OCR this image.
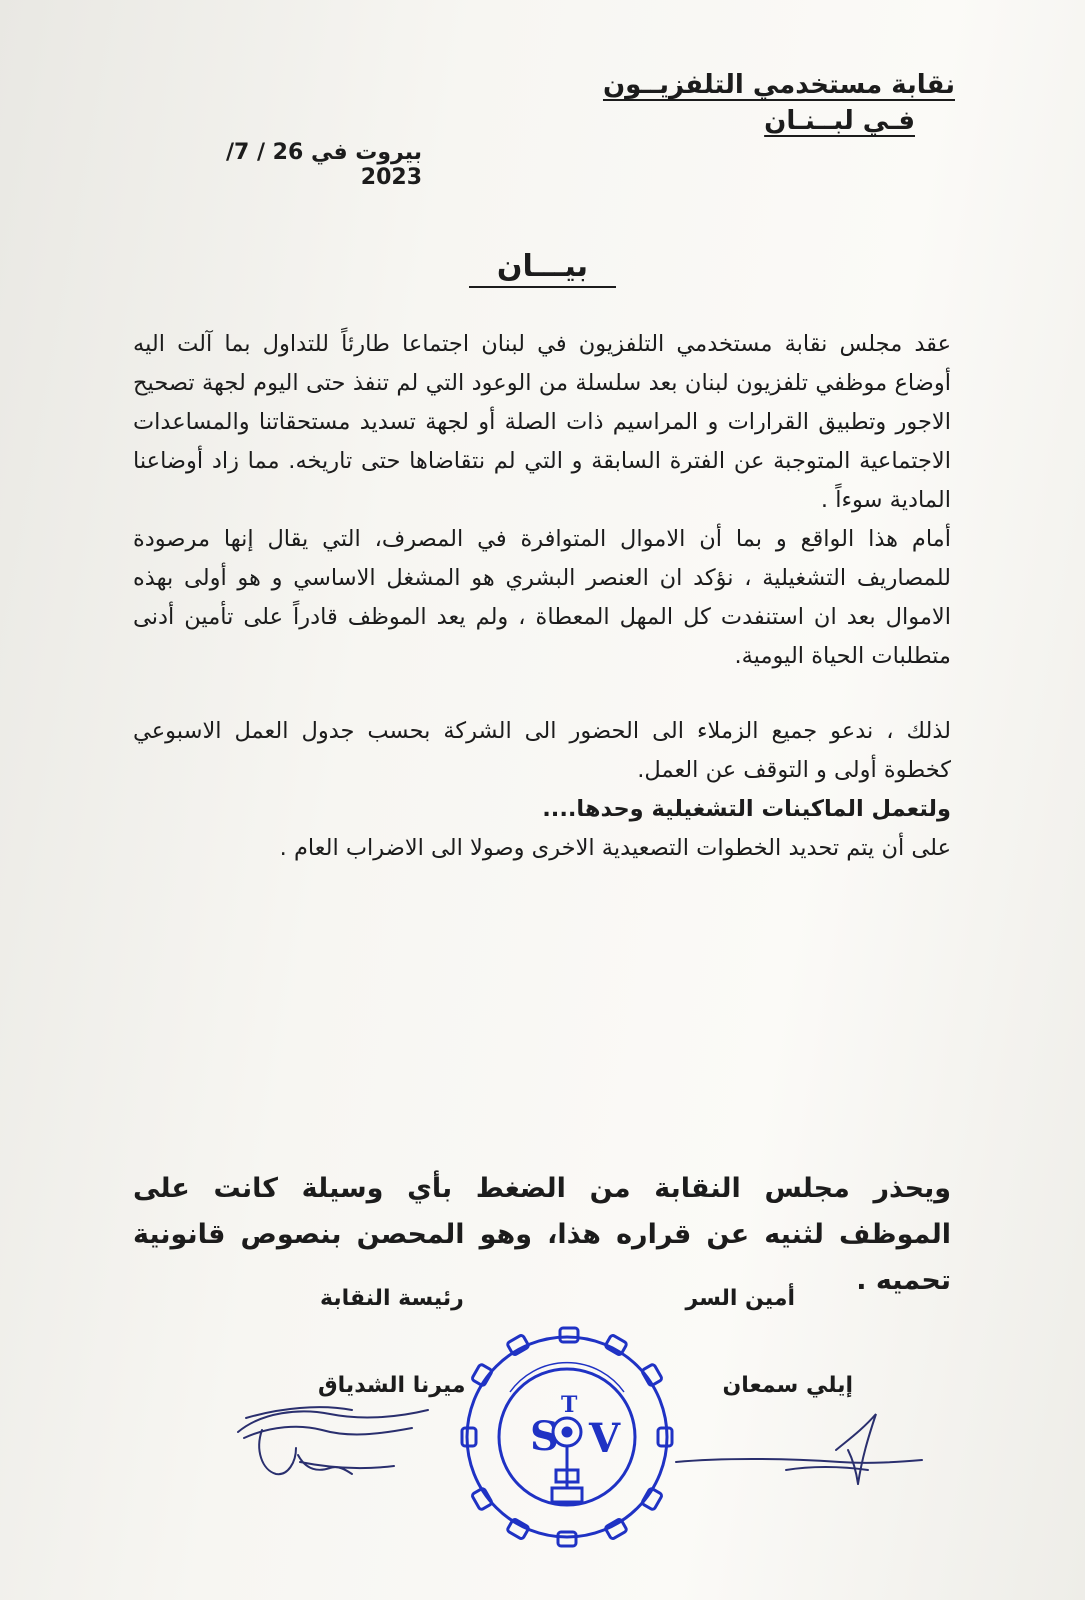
نقابة مستخدمي التلفزيــون
فـي لبــنـان
بيروت في 26 / 7/ 2023
بيـــان

عقد مجلس نقابة مستخدمي التلفزيون في لبنان اجتماعا طارئاً للتداول بما آلت اليه أوضاع موظفي تلفزيون لبنان بعد سلسلة من الوعود التي لم تنفذ حتى اليوم لجهة تصحيح الاجور وتطبيق القرارات و المراسيم ذات الصلة أو لجهة تسديد مستحقاتنا والمساعدات الاجتماعية المتوجبة عن الفترة السابقة و التي لم نتقاضاها حتى تاريخه. مما زاد أوضاعنا المادية سوءاً .

أمام هذا الواقع و بما أن الاموال المتوافرة في المصرف، التي يقال إنها مرصودة للمصاريف التشغيلية ، نؤكد ان العنصر البشري هو المشغل الاساسي و هو أولى بهذه الاموال بعد ان استنفدت كل المهل المعطاة ، ولم يعد الموظف قادراً على تأمين أدنى متطلبات الحياة اليومية.

لذلك ، ندعو جميع الزملاء الى الحضور الى الشركة بحسب جدول العمل الاسبوعي كخطوة أولى و التوقف عن العمل.

ولتعمل الماكينات التشغيلية وحدها....

على أن يتم تحديد الخطوات التصعيدية الاخرى وصولا الى الاضراب العام .

ويحذر مجلس النقابة من الضغط بأي وسيلة كانت على الموظف لثنيه عن قراره هذا، وهو المحصن بنصوص قانونية تحميه .
رئيسة النقابة	أمين السر
ميرنا الشدياق	إيلي سمعان
S V
T
